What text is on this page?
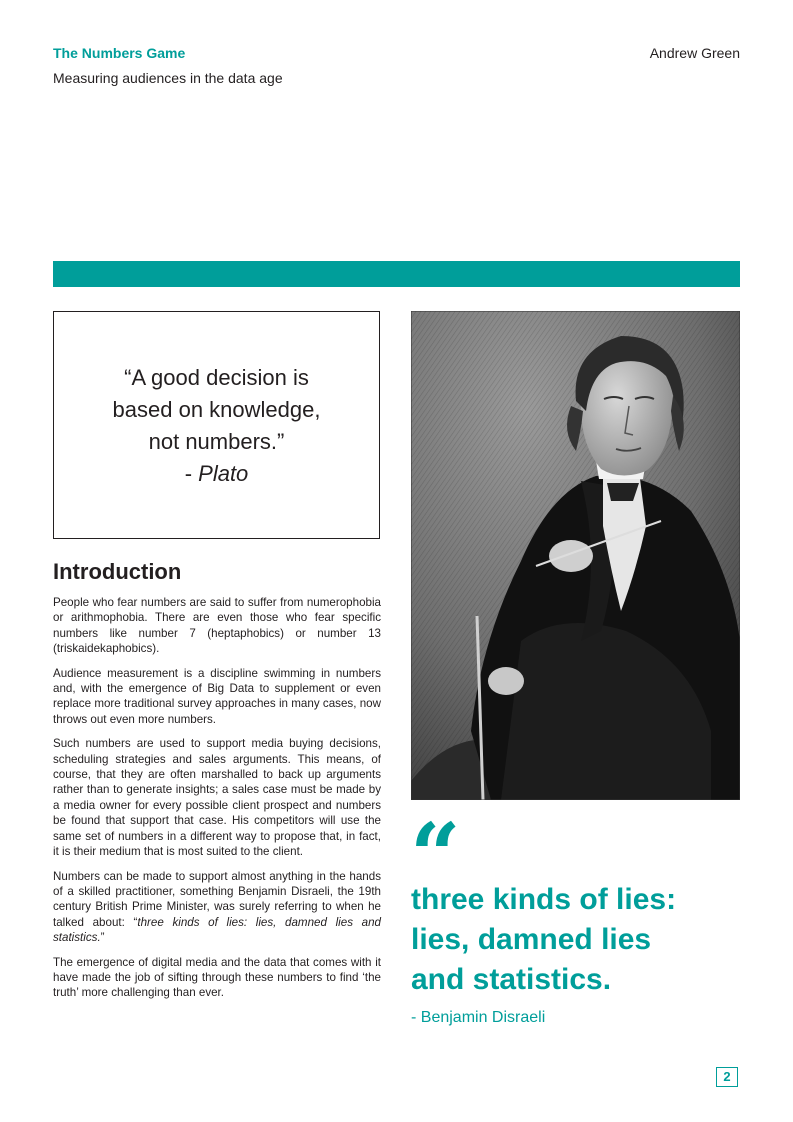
The Numbers Game
Measuring audiences in the data age
Andrew Green
“A good decision is
based on knowledge,
not numbers.”
- Plato
Introduction

People who fear numbers are said to suffer from numerophobia or arithmophobia. There are even those who fear specific numbers like number 7 (heptaphobics) or number 13 (triskaidekaphobics).

Audience measurement is a discipline swimming in numbers and, with the emergence of Big Data to supplement or even replace more traditional survey approaches in many cases, now throws out even more numbers.

Such numbers are used to support media buying decisions, scheduling strategies and sales arguments. This means, of course, that they are often marshalled to back up arguments rather than to generate insights; a sales case must be made by a media owner for every possible client prospect and numbers be found that support that case. His competitors will use the same set of numbers in a different way to propose that, in fact, it is their medium that is most suited to the client.

Numbers can be made to support almost anything in the hands of a skilled practitioner, something Benjamin Disraeli, the 19th century British Prime Minister, was surely referring to when he talked about: “three kinds of lies: lies, damned lies and statistics.”

The emergence of digital media and the data that comes with it have made the job of sifting through these numbers to find ‘the truth’ more challenging than ever.

“
three kinds of lies:
lies, damned lies
and statistics.
- Benjamin Disraeli
2
